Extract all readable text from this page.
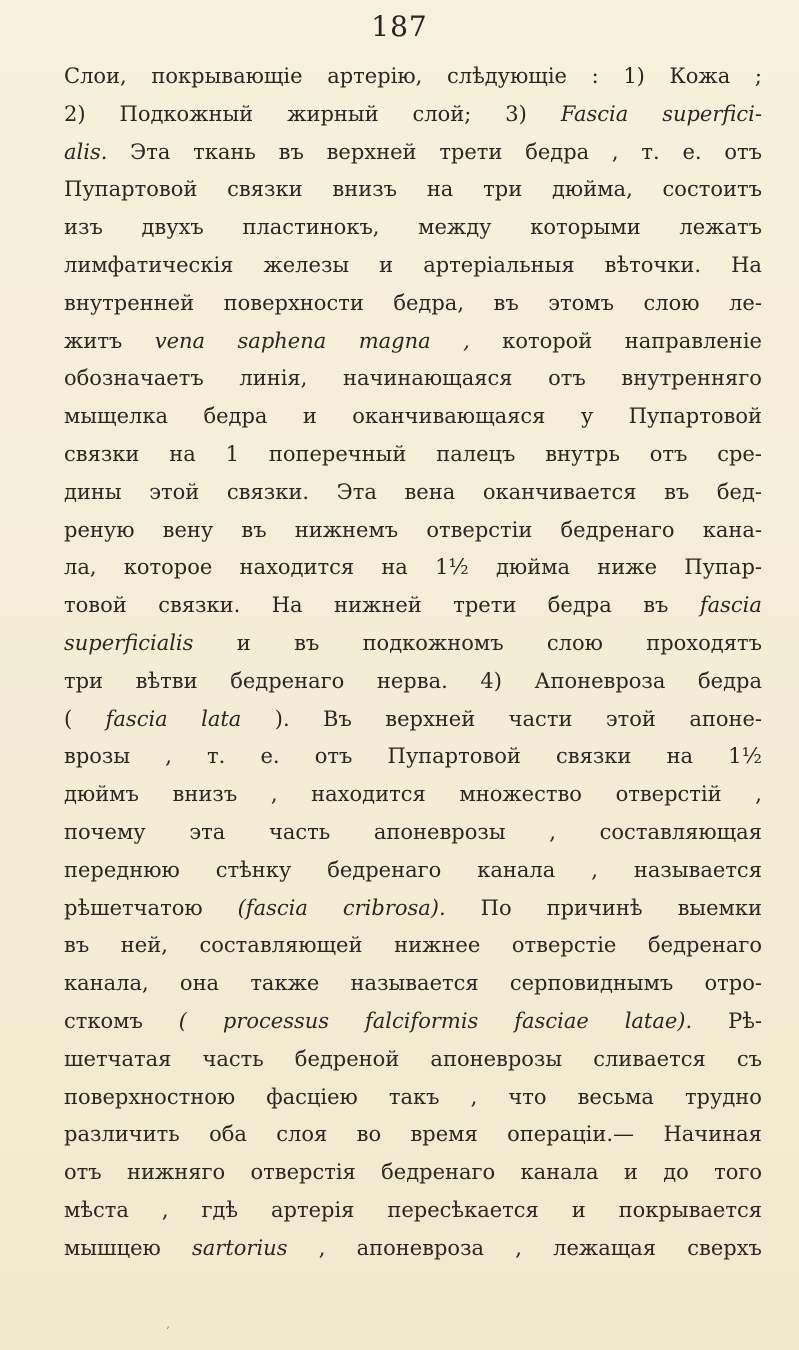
187
Слои, покрывающіе артерію, слѣдующіе : 1) Кожа ;
2) Подкожный жирный слой; 3) Fascia superfici-
alis. Эта ткань въ верхней трети бедра , т. е. отъ
Пупартовой связки внизъ на три дюйма, состоитъ
изъ двухъ пластинокъ, между которыми лежатъ
лимфатическія железы и артеріальныя вѣточки. На
внутренней поверхности бедра, въ этомъ слою ле-
житъ vena saphena magna , которой направленіе
обозначаетъ линія, начинающаяся отъ внутренняго
мыщелка бедра и оканчивающаяся у Пупартовой
связки на 1 поперечный палецъ внутрь отъ сре-
дины этой связки. Эта вена оканчивается въ бед-
реную вену въ нижнемъ отверстіи бедренаго кана-
ла, которое находится на 1½ дюйма ниже Пупар-
товой связки. На нижней трети бедра въ fascia
superficialis и въ подкожномъ слою проходятъ
три вѣтви бедренаго нерва. 4) Апоневроза бедра
( fascia lata ). Въ верхней части этой апоне-
врозы , т. е. отъ Пупартовой связки на 1½
дюймъ внизъ , находится множество отверстій ,
почему эта часть апоневрозы , составляющая
переднюю стѣнку бедренаго канала , называется
рѣшетчатою (fascia cribrosa). По причинѣ выемки
въ ней, составляющей нижнее отверстіе бедренаго
канала, она также называется серповиднымъ отро-
сткомъ ( processus falciformis fasciae latae). Рѣ-
шетчатая часть бедреной апоневрозы сливается съ
поверхностною фасціею такъ , что весьма трудно
различить оба слоя во время операціи.— Начиная
отъ нижняго отверстія бедренаго канала и до того
мѣста , гдѣ артерія пересѣкается и покрывается
мышцею sartorius , апоневроза , лежащая сверхъ
ʼ
